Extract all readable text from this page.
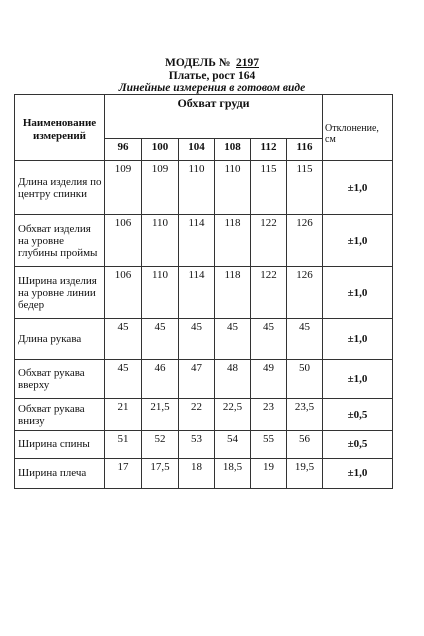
МОДЕЛЬ № 2197
Платье, рост 164
Линейные измерения в готовом виде
Наименование измерений	Обхват груди						Отклонение, см
	96	100	104	108	112	116	
Длина изделия по центру спинки	109	109	110	110	115	115	±1,0
Обхват изделия на уровне глубины проймы	106	110	114	118	122	126	±1,0
Ширина изделия на уровне линии бедер	106	110	114	118	122	126	±1,0
Длина рукава	45	45	45	45	45	45	±1,0
Обхват рукава вверху	45	46	47	48	49	50	±1,0
Обхват рукава внизу	21	21,5	22	22,5	23	23,5	±0,5
Ширина спины	51	52	53	54	55	56	±0,5
Ширина плеча	17	17,5	18	18,5	19	19,5	±1,0
